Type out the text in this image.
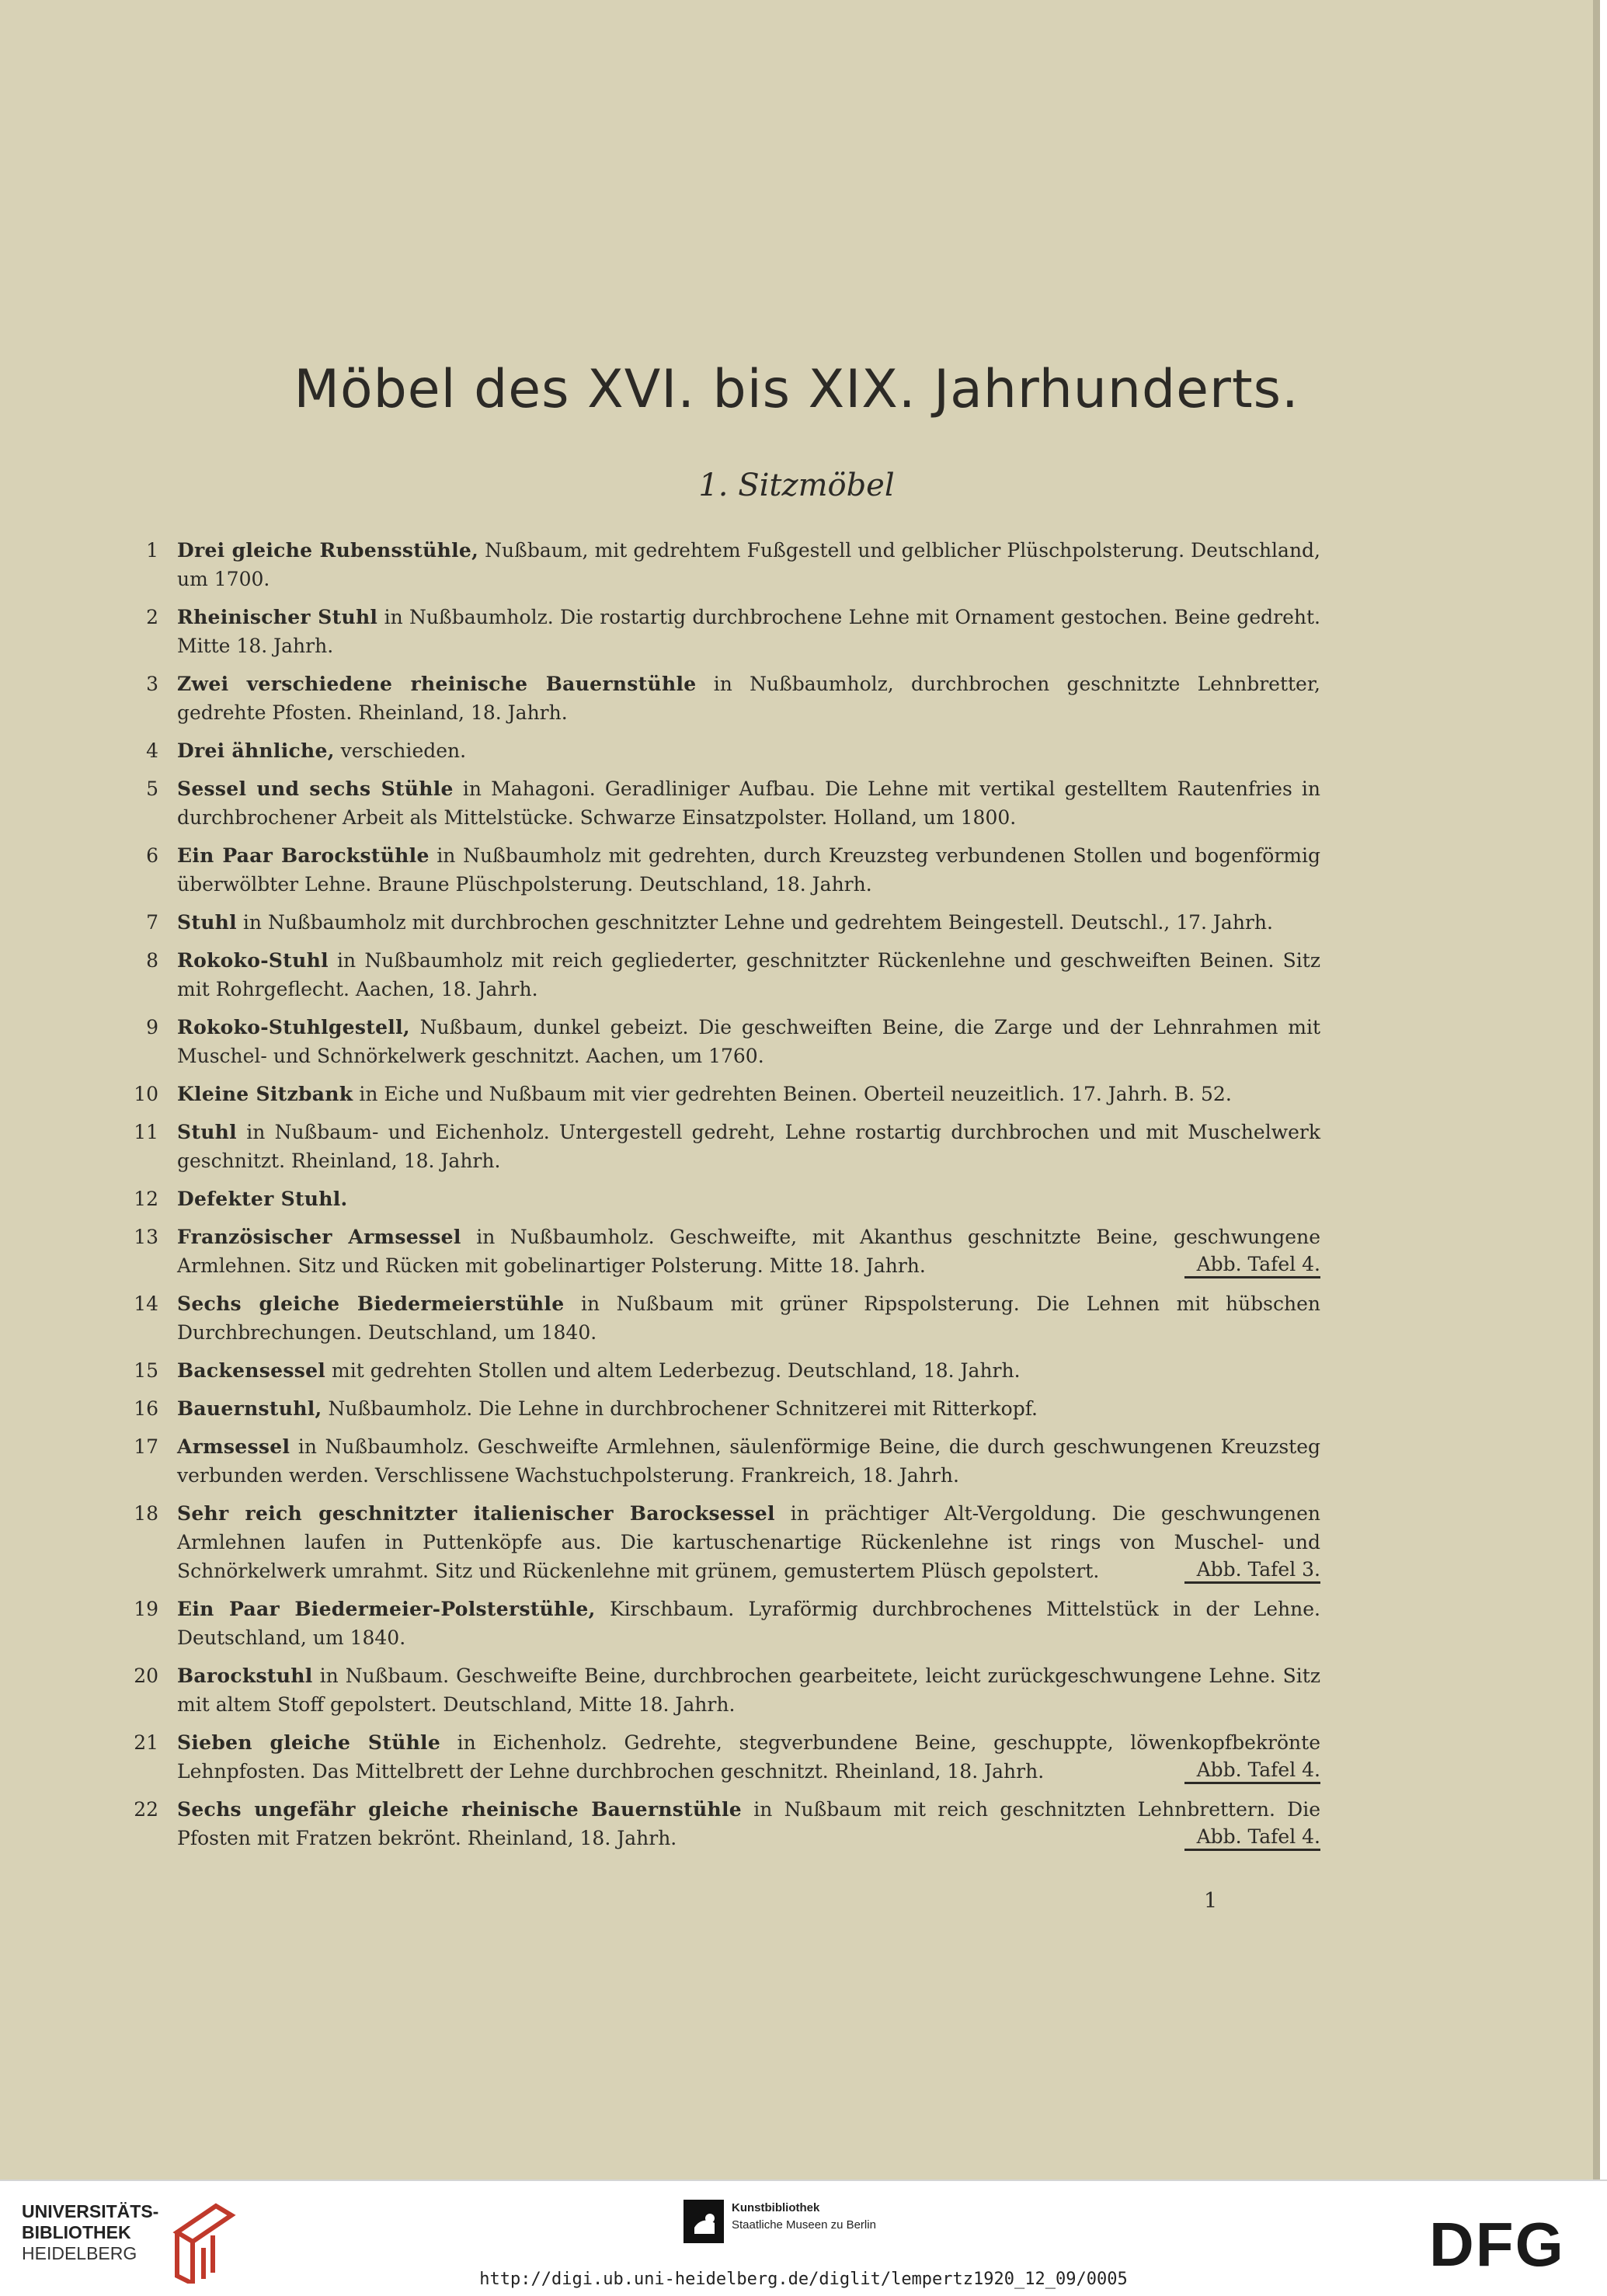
Möbel des XVI. bis XIX. Jahrhunderts.
1. Sitzmöbel
1 Drei gleiche Rubensstühle, Nußbaum, mit gedrehtem Fußgestell und gelblicher Plüschpolsterung. Deutschland, um 1700.
2 Rheinischer Stuhl in Nußbaumholz. Die rostartig durchbrochene Lehne mit Ornament gestochen. Beine gedreht. Mitte 18. Jahrh.
3 Zwei verschiedene rheinische Bauernstühle in Nußbaumholz, durchbrochen geschnitzte Lehnbretter, gedrehte Pfosten. Rheinland, 18. Jahrh.
4 Drei ähnliche, verschieden.
5 Sessel und sechs Stühle in Mahagoni. Geradliniger Aufbau. Die Lehne mit vertikal gestelltem Rautenfries in durchbrochener Arbeit als Mittelstücke. Schwarze Einsatzpolster. Holland, um 1800.
6 Ein Paar Barockstühle in Nußbaumholz mit gedrehten, durch Kreuzsteg verbundenen Stollen und bogenförmig überwölbter Lehne. Braune Plüschpolsterung. Deutschland, 18. Jahrh.
7 Stuhl in Nußbaumholz mit durchbrochen geschnitzter Lehne und gedrehtem Beingestell. Deutschl., 17. Jahrh.
8 Rokoko-Stuhl in Nußbaumholz mit reich gegliederter, geschnitzter Rückenlehne und geschweiften Beinen. Sitz mit Rohrgeflecht. Aachen, 18. Jahrh.
9 Rokoko-Stuhlgestell, Nußbaum, dunkel gebeizt. Die geschweiften Beine, die Zarge und der Lehnrahmen mit Muschel- und Schnörkelwerk geschnitzt. Aachen, um 1760.
10 Kleine Sitzbank in Eiche und Nußbaum mit vier gedrehten Beinen. Oberteil neuzeitlich. 17. Jahrh. B. 52.
11 Stuhl in Nußbaum- und Eichenholz. Untergestell gedreht, Lehne rostartig durchbrochen und mit Muschelwerk geschnitzt. Rheinland, 18. Jahrh.
12 Defekter Stuhl.
13 Französischer Armsessel in Nußbaumholz. Geschweifte, mit Akanthus geschnitzte Beine, geschwungene Armlehnen. Sitz und Rücken mit gobelinartiger Polsterung. Mitte 18. Jahrh.	Abb. Tafel 4.
14 Sechs gleiche Biedermeierstühle in Nußbaum mit grüner Ripspolsterung. Die Lehnen mit hübschen Durchbrechungen. Deutschland, um 1840.
15 Backensessel mit gedrehten Stollen und altem Lederbezug. Deutschland, 18. Jahrh.
16 Bauernstuhl, Nußbaumholz. Die Lehne in durchbrochener Schnitzerei mit Ritterkopf.
17 Armsessel in Nußbaumholz. Geschweifte Armlehnen, säulenförmige Beine, die durch geschwungenen Kreuzsteg verbunden werden. Verschlissene Wachstuchpolsterung. Frankreich, 18. Jahrh.
18 Sehr reich geschnitzter italienischer Barocksessel in prächtiger Alt-Vergoldung. Die geschwungenen Armlehnen laufen in Puttenköpfe aus. Die kartuschenartige Rückenlehne ist rings von Muschel- und Schnörkelwerk umrahmt. Sitz und Rückenlehne mit grünem, gemustertem Plüsch gepolstert.	Abb. Tafel 3.
19 Ein Paar Biedermeier-Polsterstühle, Kirschbaum. Lyraförmig durchbrochenes Mittelstück in der Lehne. Deutschland, um 1840.
20 Barockstuhl in Nußbaum. Geschweifte Beine, durchbrochen gearbeitete, leicht zurückgeschwungene Lehne. Sitz mit altem Stoff gepolstert. Deutschland, Mitte 18. Jahrh.
21 Sieben gleiche Stühle in Eichenholz. Gedrehte, stegverbundene Beine, geschuppte, löwenkopfbekrönte Lehnpfosten. Das Mittelbrett der Lehne durchbrochen geschnitzt. Rheinland, 18. Jahrh.	Abb. Tafel 4.
22 Sechs ungefähr gleiche rheinische Bauernstühle in Nußbaum mit reich geschnitzten Lehnbrettern. Die Pfosten mit Fratzen bekrönt. Rheinland, 18. Jahrh.	Abb. Tafel 4.
1
UNIVERSITÄTS-
BIBLIOTHEK
HEIDELBERG
Kunstbibliothek
Staatliche Museen zu Berlin	DFG
http://digi.ub.uni-heidelberg.de/diglit/lempertz1920_12_09/0005
